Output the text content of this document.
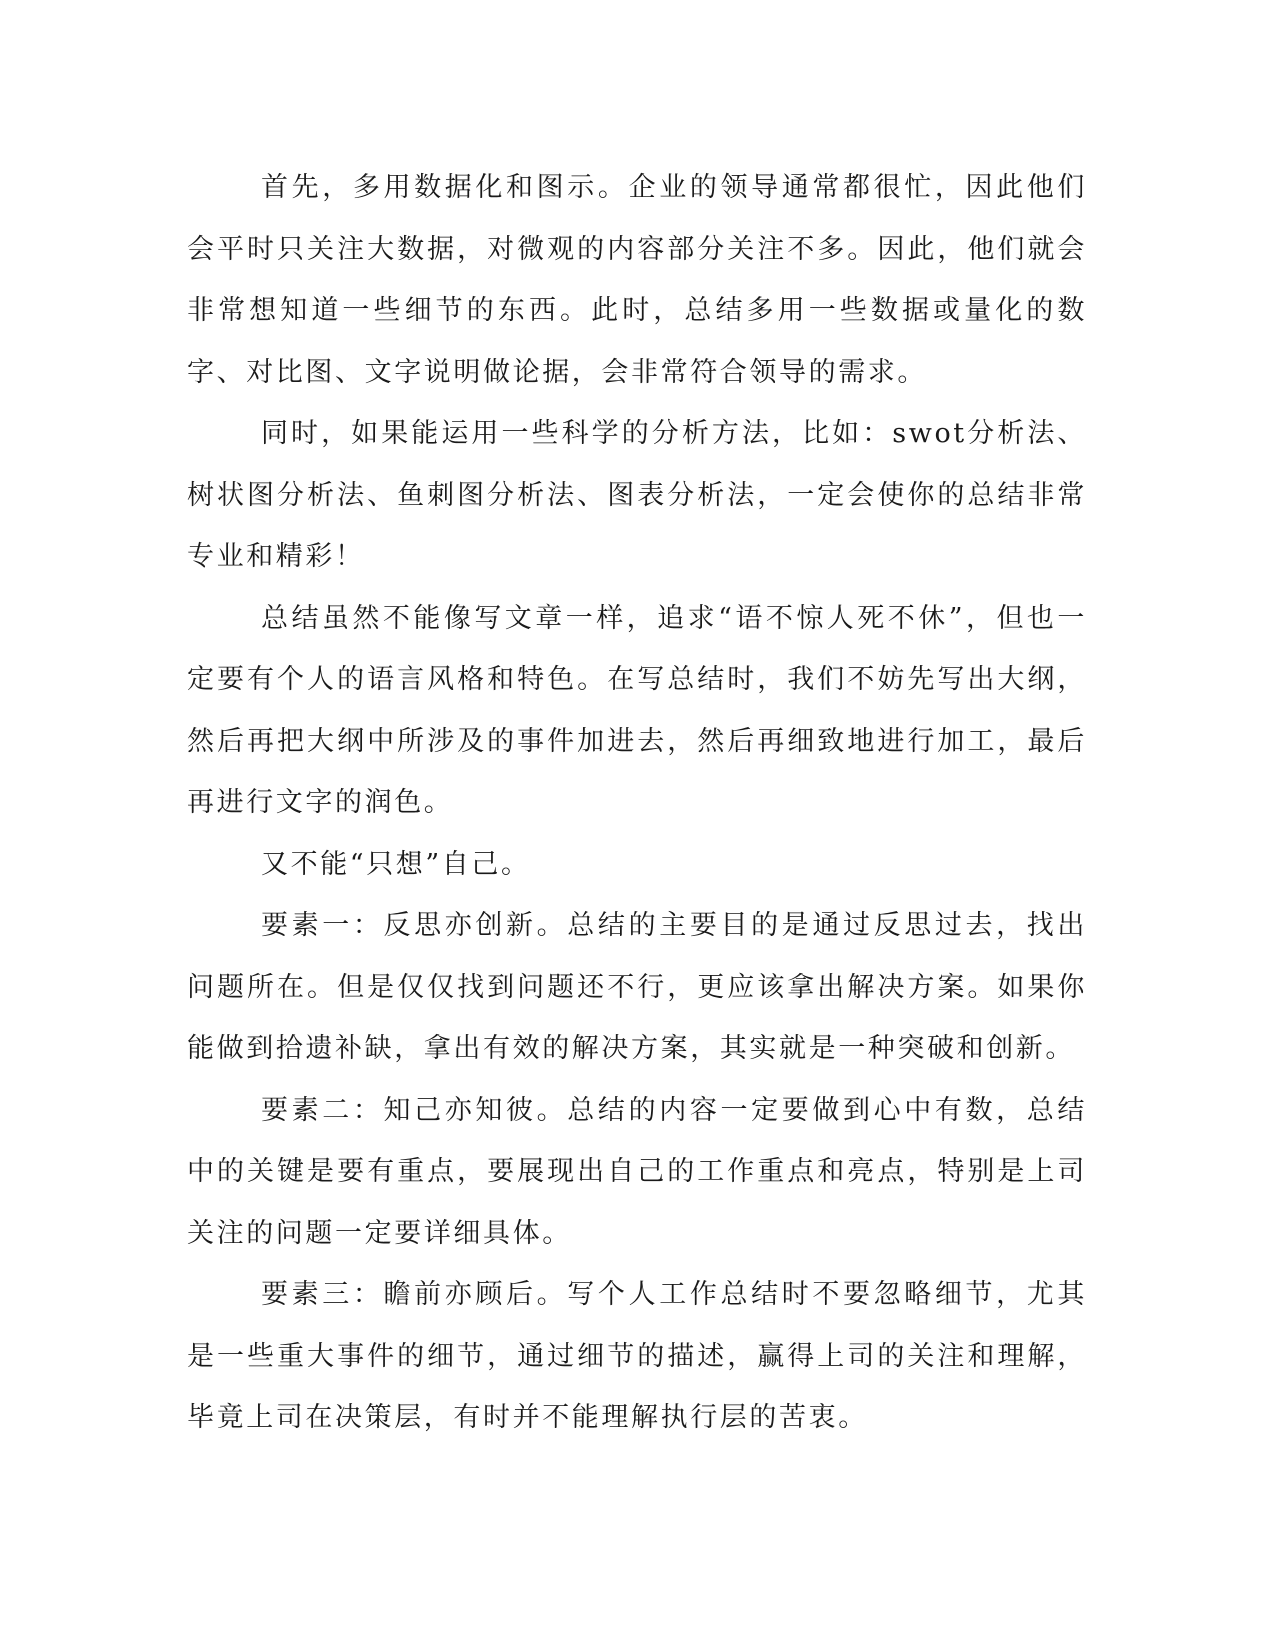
首先，多用数据化和图示。企业的领导通常都很忙，因此他们会平时只关注大数据，对微观的内容部分关注不多。因此，他们就会非常想知道一些细节的东西。此时，总结多用一些数据或量化的数字、对比图、文字说明做论据，会非常符合领导的需求。

同时，如果能运用一些科学的分析方法，比如：swot分析法、树状图分析法、鱼刺图分析法、图表分析法，一定会使你的总结非常专业和精彩！

总结虽然不能像写文章一样，追求“语不惊人死不休”，但也一定要有个人的语言风格和特色。在写总结时，我们不妨先写出大纲，然后再把大纲中所涉及的事件加进去，然后再细致地进行加工，最后再进行文字的润色。

又不能“只想”自己。

要素一：反思亦创新。总结的主要目的是通过反思过去，找出问题所在。但是仅仅找到问题还不行，更应该拿出解决方案。如果你能做到拾遗补缺，拿出有效的解决方案，其实就是一种突破和创新。

要素二：知己亦知彼。总结的内容一定要做到心中有数，总结中的关键是要有重点，要展现出自己的工作重点和亮点，特别是上司关注的问题一定要详细具体。

要素三：瞻前亦顾后。写个人工作总结时不要忽略细节，尤其是一些重大事件的细节，通过细节的描述，赢得上司的关注和理解，毕竟上司在决策层，有时并不能理解执行层的苦衷。
